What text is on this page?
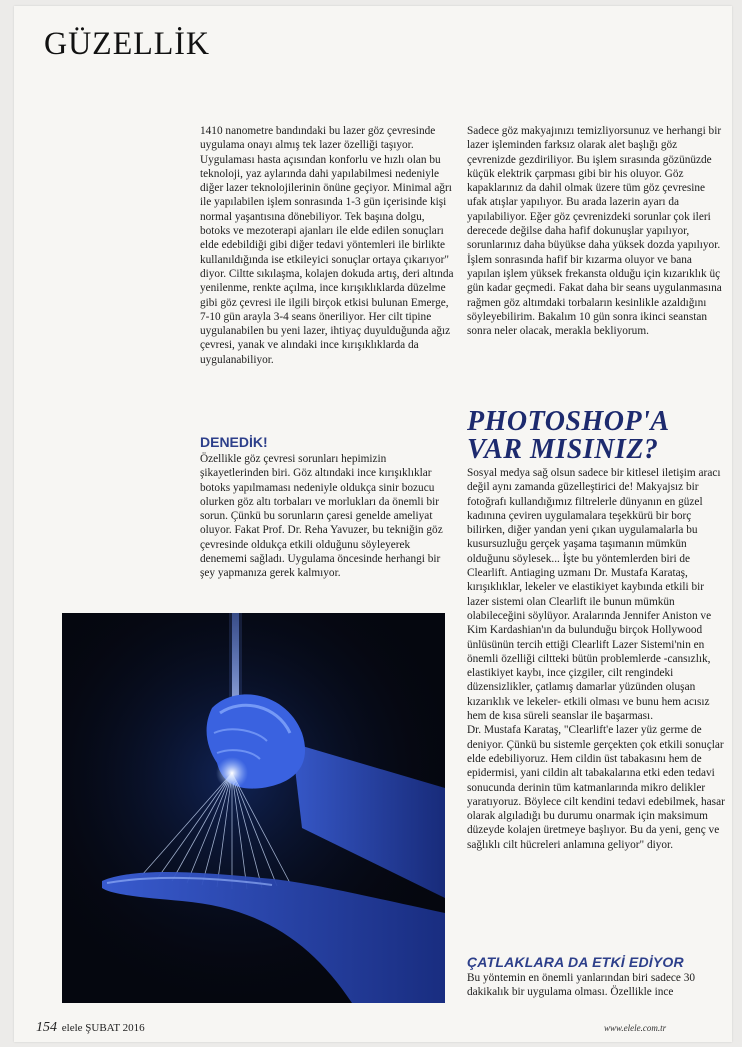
GÜZELLİK

1410 nanometre bandındaki bu lazer göz çevresinde uygulama onayı almış tek lazer özelliği taşıyor. Uygulaması hasta açısından konforlu ve hızlı olan bu teknoloji, yaz aylarında dahi yapılabilmesi nedeniyle diğer lazer teknolojilerinin önüne geçiyor. Minimal ağrı ile yapılabilen işlem sonrasında 1-3 gün içerisinde kişi normal yaşantısına dönebiliyor. Tek başına dolgu, botoks ve mezoterapi ajanları ile elde edilen sonuçları elde edebildiği gibi diğer tedavi yöntemleri ile birlikte kullanıldığında ise etkileyici sonuçlar ortaya çıkarıyor" diyor. Ciltte sıkılaşma, kolajen dokuda artış, deri altında yenilenme, renkte açılma, ince kırışıklıklarda düzelme gibi göz çevresi ile ilgili birçok etkisi bulunan Emerge, 7-10 gün arayla 3-4 seans öneriliyor. Her cilt tipine uygulanabilen bu yeni lazer, ihtiyaç duyulduğunda ağız çevresi, yanak ve alındaki ince kırışıklıklarda da uygulanabiliyor.

Sadece göz makyajınızı temizliyorsunuz ve herhangi bir lazer işleminden farksız olarak alet başlığı göz çevrenizde gezdiriliyor. Bu işlem sırasında gözünüzde küçük elektrik çarpması gibi bir his oluyor. Göz kapaklarınız da dahil olmak üzere tüm göz çevresine ufak atışlar yapılıyor. Bu arada lazerin ayarı da yapılabiliyor. Eğer göz çevrenizdeki sorunlar çok ileri derecede değilse daha hafif dokunuşlar yapılıyor, sorunlarınız daha büyükse daha yüksek dozda yapılıyor. İşlem sonrasında hafif bir kızarma oluyor ve bana yapılan işlem yüksek frekansta olduğu için kızarıklık üç gün kadar geçmedi. Fakat daha bir seans uygulanmasına rağmen göz altımdaki torbaların kesinlikle azaldığını söyleyebilirim. Bakalım 10 gün sonra ikinci seanstan sonra neler olacak, merakla bekliyorum.

DENEDİK!

Özellikle göz çevresi sorunları hepimizin şikayetlerinden biri. Göz altındaki ince kırışıklıklar botoks yapılmaması nedeniyle oldukça sinir bozucu olurken göz altı torbaları ve morlukları da önemli bir sorun. Çünkü bu sorunların çaresi genelde ameliyat oluyor. Fakat Prof. Dr. Reha Yavuzer, bu tekniğin göz çevresinde oldukça etkili olduğunu söyleyerek denememi sağladı. Uygulama öncesinde herhangi bir şey yapmanıza gerek kalmıyor.

PHOTOSHOP'A
VAR MISINIZ?

Sosyal medya sağ olsun sadece bir kitlesel iletişim aracı değil aynı zamanda güzelleştirici de! Makyajsız bir fotoğrafı kullandığımız filtrelerle dünyanın en güzel kadınına çeviren uygulamalara teşekkürü bir borç bilirken, diğer yandan yeni çıkan uygulamalarla bu kusursuzluğu gerçek yaşama taşımanın mümkün olduğunu söylesek... İşte bu yöntemlerden biri de Clearlift. Antiaging uzmanı Dr. Mustafa Karataş, kırışıklıklar, lekeler ve elastikiyet kaybında etkili bir lazer sistemi olan Clearlift ile bunun mümkün olabileceğini söylüyor. Aralarında Jennifer Aniston ve Kim Kardashian'ın da bulunduğu birçok Hollywood ünlüsünün tercih ettiği Clearlift Lazer Sistemi'nin en önemli özelliği ciltteki bütün problemlerde -cansızlık, elastikiyet kaybı, ince çizgiler, cilt rengindeki düzensizlikler, çatlamış damarlar yüzünden oluşan kızarıklık ve lekeler- etkili olması ve bunu hem acısız hem de kısa süreli seanslar ile başarması.

Dr. Mustafa Karataş, "Clearlift'e lazer yüz germe de deniyor. Çünkü bu sistemle gerçekten çok etkili sonuçlar elde edebiliyoruz. Hem cildin üst tabakasını hem de epidermisi, yani cildin alt tabakalarına etki eden tedavi sonucunda derinin tüm katmanlarında mikro delikler yaratıyoruz. Böylece cilt kendini tedavi edebilmek, hasar olarak algıladığı bu durumu onarmak için maksimum düzeyde kolajen üretmeye başlıyor. Bu da yeni, genç ve sağlıklı cilt hücreleri anlamına geliyor" diyor.

ÇATLAKLARA DA ETKİ EDİYOR

Bu yöntemin en önemli yanlarından biri sadece 30 dakikalık bir uygulama olması. Özellikle ince

154 elele ŞUBAT 2016	www.elele.com.tr
